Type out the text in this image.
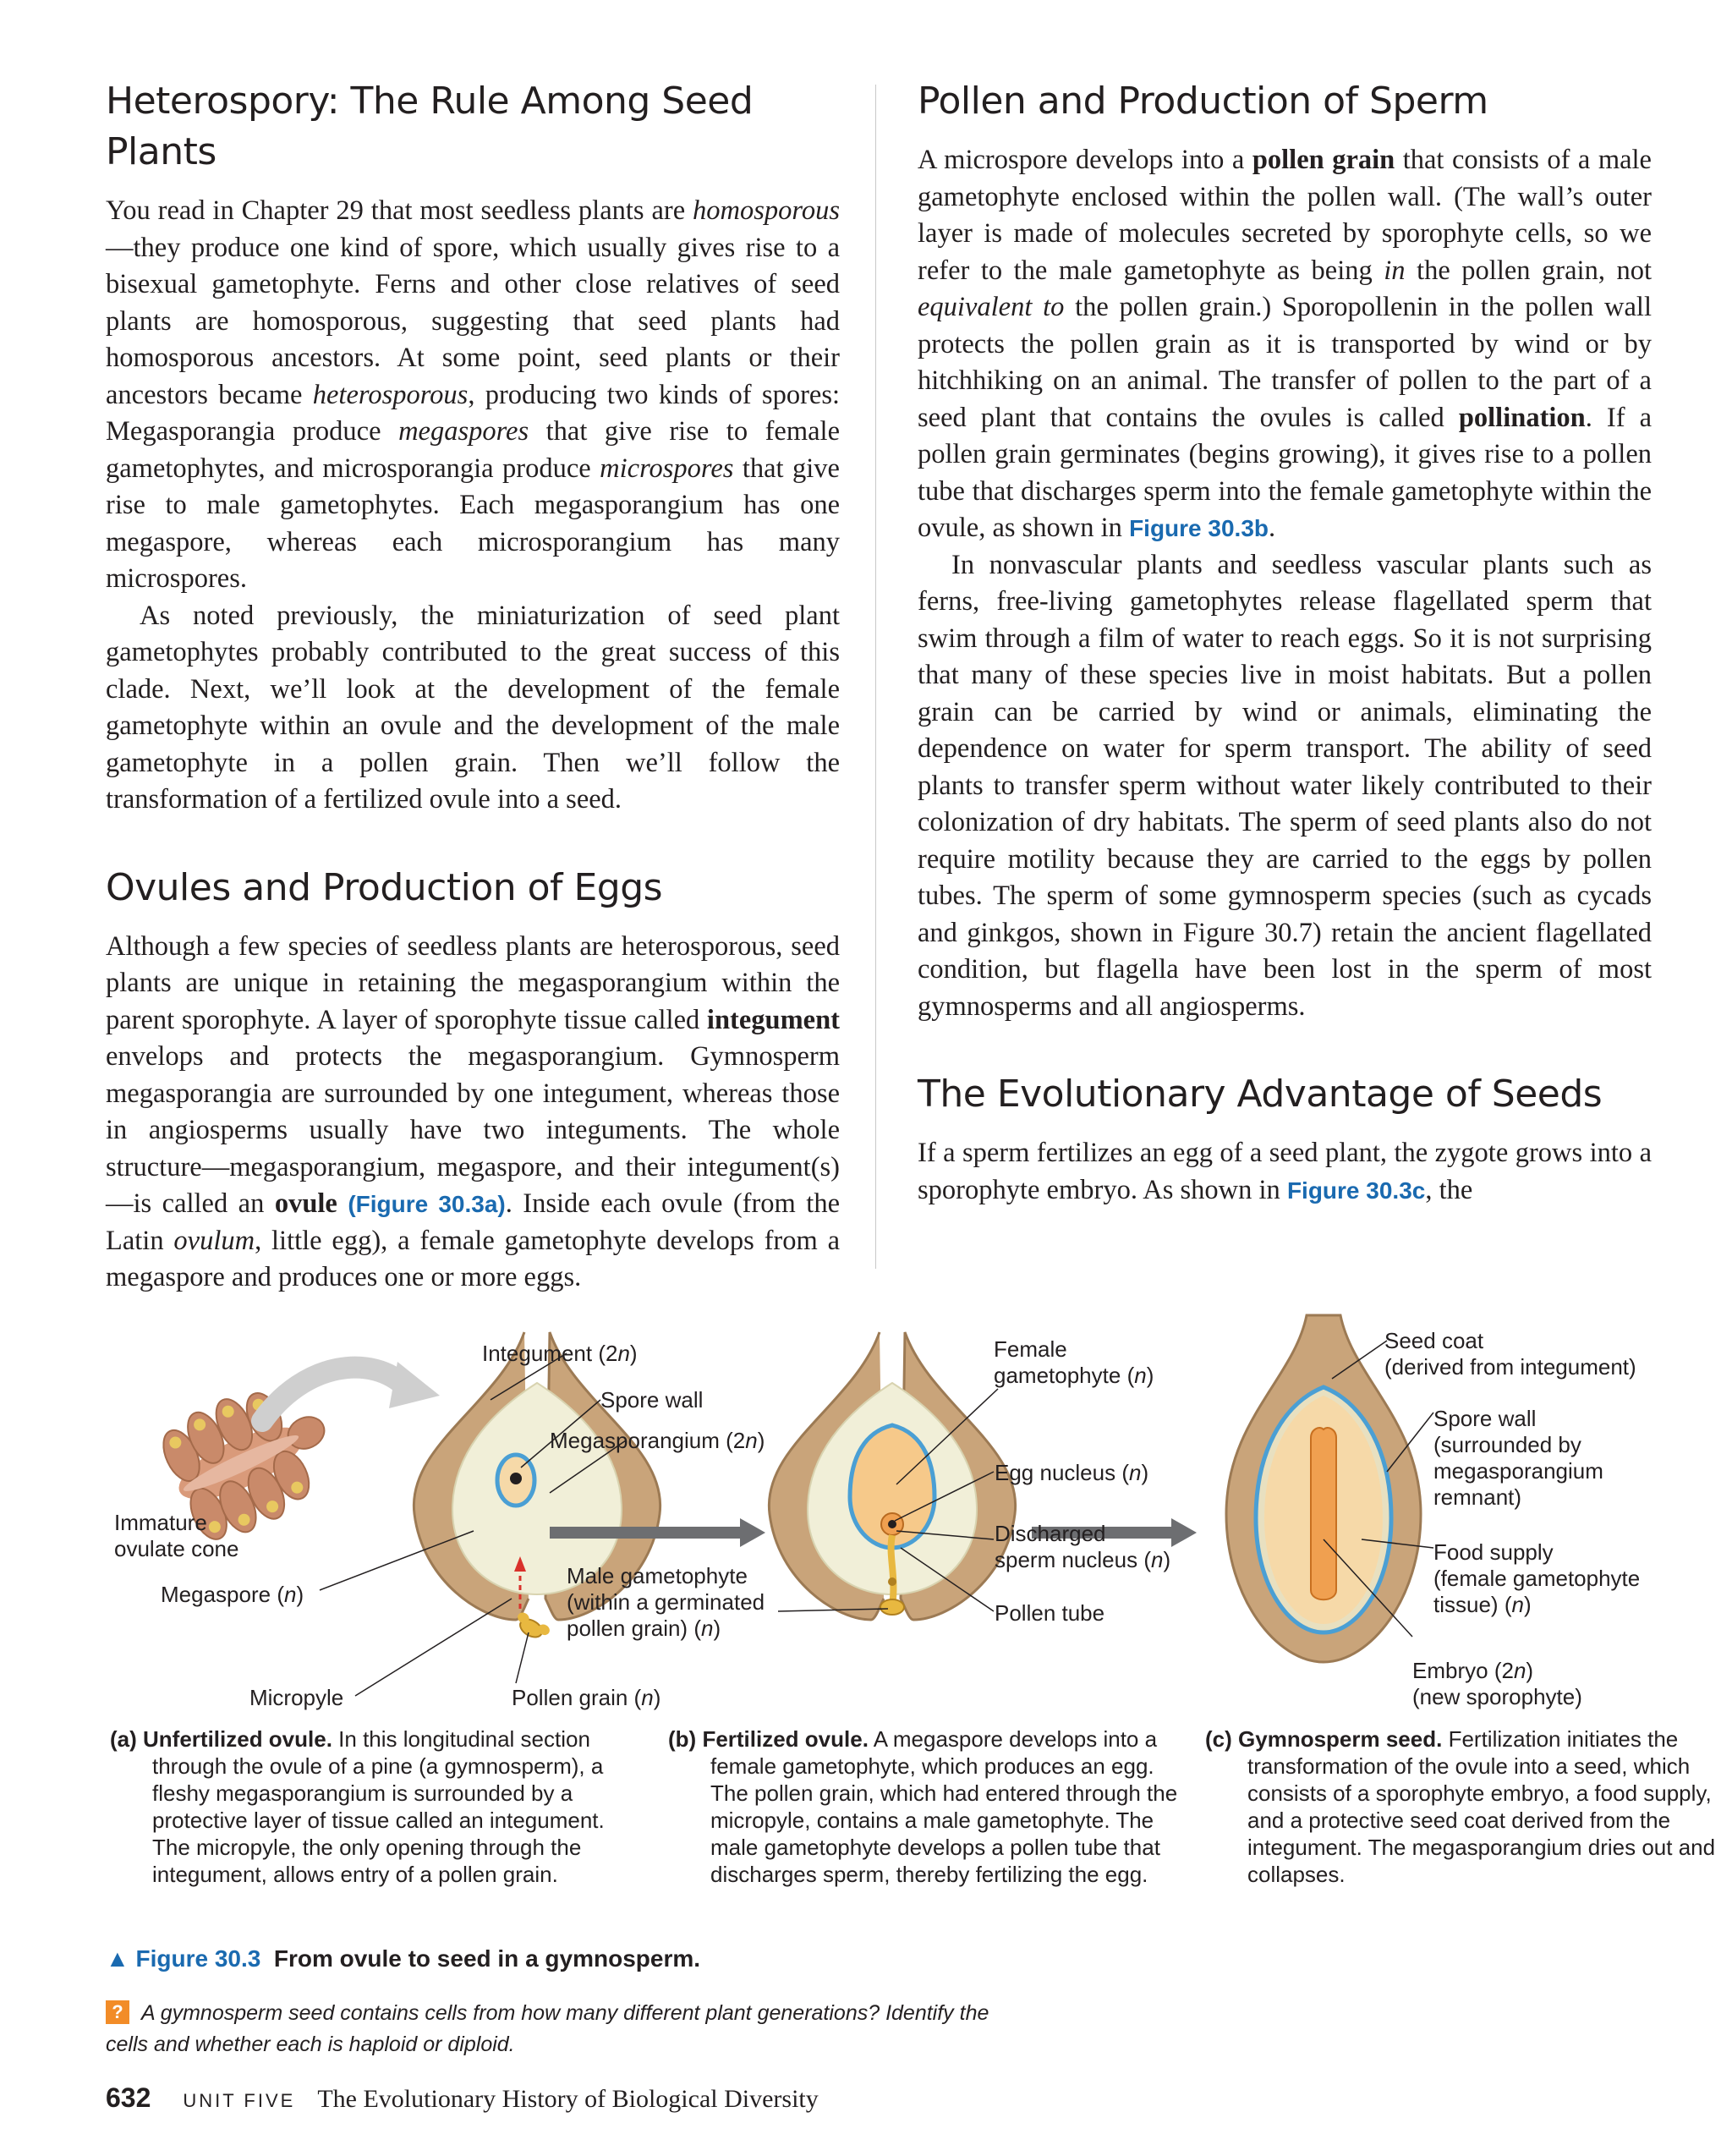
Heterospory: The Rule Among Seed Plants

You read in Chapter 29 that most seedless plants are homosporous—they produce one kind of spore, which usually gives rise to a bisexual gametophyte. Ferns and other close relatives of seed plants are homosporous, suggesting that seed plants had homosporous ancestors. At some point, seed plants or their ancestors became heterosporous, producing two kinds of spores: Megasporangia produce megaspores that give rise to female gametophytes, and microsporangia produce microspores that give rise to male gametophytes. Each megasporangium has one megaspore, whereas each microsporangium has many microspores.

As noted previously, the miniaturization of seed plant gametophytes probably contributed to the great success of this clade. Next, we’ll look at the development of the female gametophyte within an ovule and the development of the male gametophyte in a pollen grain. Then we’ll follow the transformation of a fertilized ovule into a seed.

Ovules and Production of Eggs

Although a few species of seedless plants are heterosporous, seed plants are unique in retaining the megasporangium within the parent sporophyte. A layer of sporophyte tissue called integument envelops and protects the megasporangium. Gymnosperm megasporangia are surrounded by one integument, whereas those in angiosperms usually have two integuments. The whole structure—megasporangium, megaspore, and their integument(s)—is called an ovule (Figure 30.3a). Inside each ovule (from the Latin ovulum, little egg), a female gametophyte develops from a megaspore and produces one or more eggs.

Pollen and Production of Sperm

A microspore develops into a pollen grain that consists of a male gametophyte enclosed within the pollen wall. (The wall’s outer layer is made of molecules secreted by sporophyte cells, so we refer to the male gametophyte as being in the pollen grain, not equivalent to the pollen grain.) Sporopollenin in the pollen wall protects the pollen grain as it is transported by wind or by hitchhiking on an animal. The transfer of pollen to the part of a seed plant that contains the ovules is called pollination. If a pollen grain germinates (begins growing), it gives rise to a pollen tube that discharges sperm into the female gametophyte within the ovule, as shown in Figure 30.3b.

In nonvascular plants and seedless vascular plants such as ferns, free-living gametophytes release flagellated sperm that swim through a film of water to reach eggs. So it is not surprising that many of these species live in moist habitats. But a pollen grain can be carried by wind or animals, eliminating the dependence on water for sperm transport. The ability of seed plants to transfer sperm without water likely contributed to their colonization of dry habitats. The sperm of seed plants also do not require motility because they are carried to the eggs by pollen tubes. The sperm of some gymnosperm species (such as cycads and ginkgos, shown in Figure 30.7) retain the ancient flagellated condition, but flagella have been lost in the sperm of most gymnosperms and all angiosperms.

The Evolutionary Advantage of Seeds

If a sperm fertilizes an egg of a seed plant, the zygote grows into a sporophyte embryo. As shown in Figure 30.3c, the

Immature
ovulate cone
Integument (2n)
Spore wall
Megasporangium (2n)
Megaspore (n)
Micropyle	Pollen grain (n)
Male gametophyte
(within a germinated
pollen grain) (n)
Female
gametophyte (n)
Egg nucleus (n)
Discharged
sperm nucleus (n)
Pollen tube
Seed coat
(derived from integument)
Spore wall
(surrounded by
megasporangium
remnant)
Food supply
(female gametophyte
tissue) (n)
Embryo (2n)
(new sporophyte)
(a) Unfertilized ovule. In this longitudinal section through the ovule of a pine (a gymnosperm), a fleshy megasporangium is surrounded by a protective layer of tissue called an integument. The micropyle, the only opening through the integument, allows entry of a pollen grain.
(b) Fertilized ovule. A megaspore develops into a female gametophyte, which produces an egg. The pollen grain, which had entered through the micropyle, contains a male gametophyte. The male gametophyte develops a pollen tube that discharges sperm, thereby fertilizing the egg.
(c) Gymnosperm seed. Fertilization initiates the transformation of the ovule into a seed, which consists of a sporophyte embryo, a food supply, and a protective seed coat derived from the integument. The megasporangium dries out and collapses.
▲ Figure 30.3 From ovule to seed in a gymnosperm.
? A gymnosperm seed contains cells from how many different plant generations? Identify the cells and whether each is haploid or diploid.
632 UNIT FIVE The Evolutionary History of Biological Diversity
